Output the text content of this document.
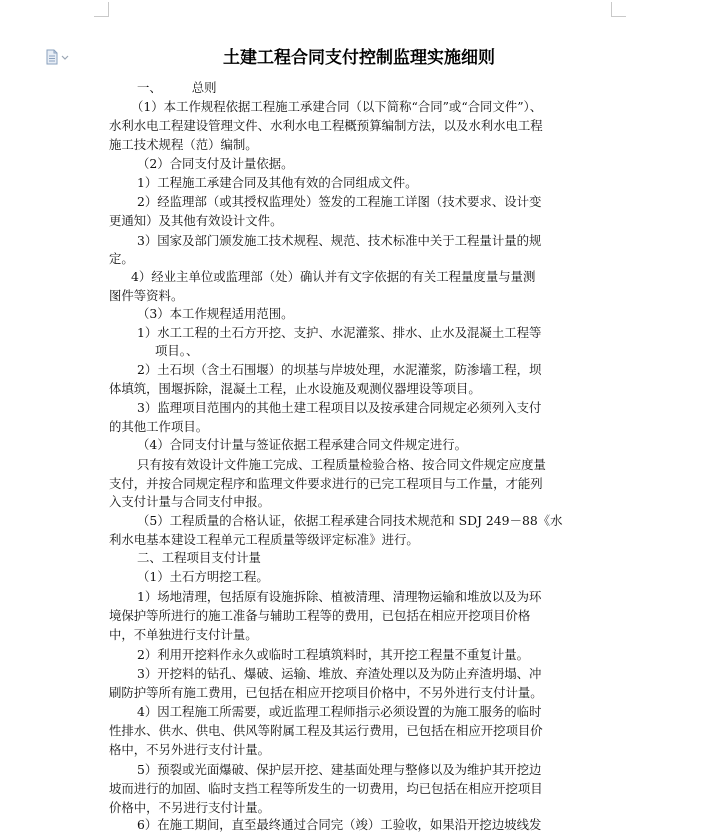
土建工程合同支付控制监理实施细则
一、 总则
（1）本工作规程依据工程施工承建合同（以下简称“合同”或“合同文件”）、
水利水电工程建设管理文件、水利水电工程概预算编制方法，以及水利水电工程
施工技术规程（范）编制。
（2）合同支付及计量依据。
1）工程施工承建合同及其他有效的合同组成文件。
2）经监理部（或其授权监理处）签发的工程施工详图（技术要求、设计变
更通知）及其他有效设计文件。
3）国家及部门颁发施工技术规程、规范、技术标准中关于工程量计量的规
定。
4）经业主单位或监理部（处）确认并有文字依据的有关工程量度量与量测
图件等资料。
（3）本工作规程适用范围。
1）水工工程的土石方开挖、支护、水泥灌浆、排水、止水及混凝土工程等
项目。、
2）土石坝（含土石围堰）的坝基与岸坡处理，水泥灌浆，防渗墙工程，坝
体填筑，围堰拆除，混凝土工程，止水设施及观测仪器埋设等项目。
3）监理项目范围内的其他土建工程项目以及按承建合同规定必须列入支付
的其他工作项目。
（4）合同支付计量与签证依据工程承建合同文件规定进行。
只有按有效设计文件施工完成、工程质量检验合格、按合同文件规定应度量
支付，并按合同规定程序和监理文件要求进行的已完工程项目与工作量，才能列
入支付计量与合同支付申报。
（5）工程质量的合格认证，依据工程承建合同技术规范和 SDJ 249－88《水
利水电基本建设工程单元工程质量等级评定标准》进行。
二、工程项目支付计量
（1）土石方明挖工程。
1）场地清理，包括原有设施拆除、植被清理、清理物运输和堆放以及为环
境保护等所进行的施工准备与辅助工程等的费用，已包括在相应开挖项目价格
中，不单独进行支付计量。
2）利用开挖料作永久或临时工程填筑料时，其开挖工程量不重复计量。
3）开挖料的钻孔、爆破、运输、堆放、弃渣处理以及为防止弃渣坍塌、冲
刷防护等所有施工费用，已包括在相应开挖项目价格中，不另外进行支付计量。
4）因工程施工所需要，或近监理工程师指示必须设置的为施工服务的临时
性排水、供水、供电、供风等附属工程及其运行费用，已包括在相应开挖项目价
格中，不另外进行支付计量。
5）预裂或光面爆破、保护层开挖、建基面处理与整修以及为维护其开挖边
坡而进行的加固、临时支挡工程等所发生的一切费用，均已包括在相应开挖项目
价格中，不另进行支付计量。
6）在施工期间，直至最终通过合同完（竣）工验收，如果沿开挖边坡线发
